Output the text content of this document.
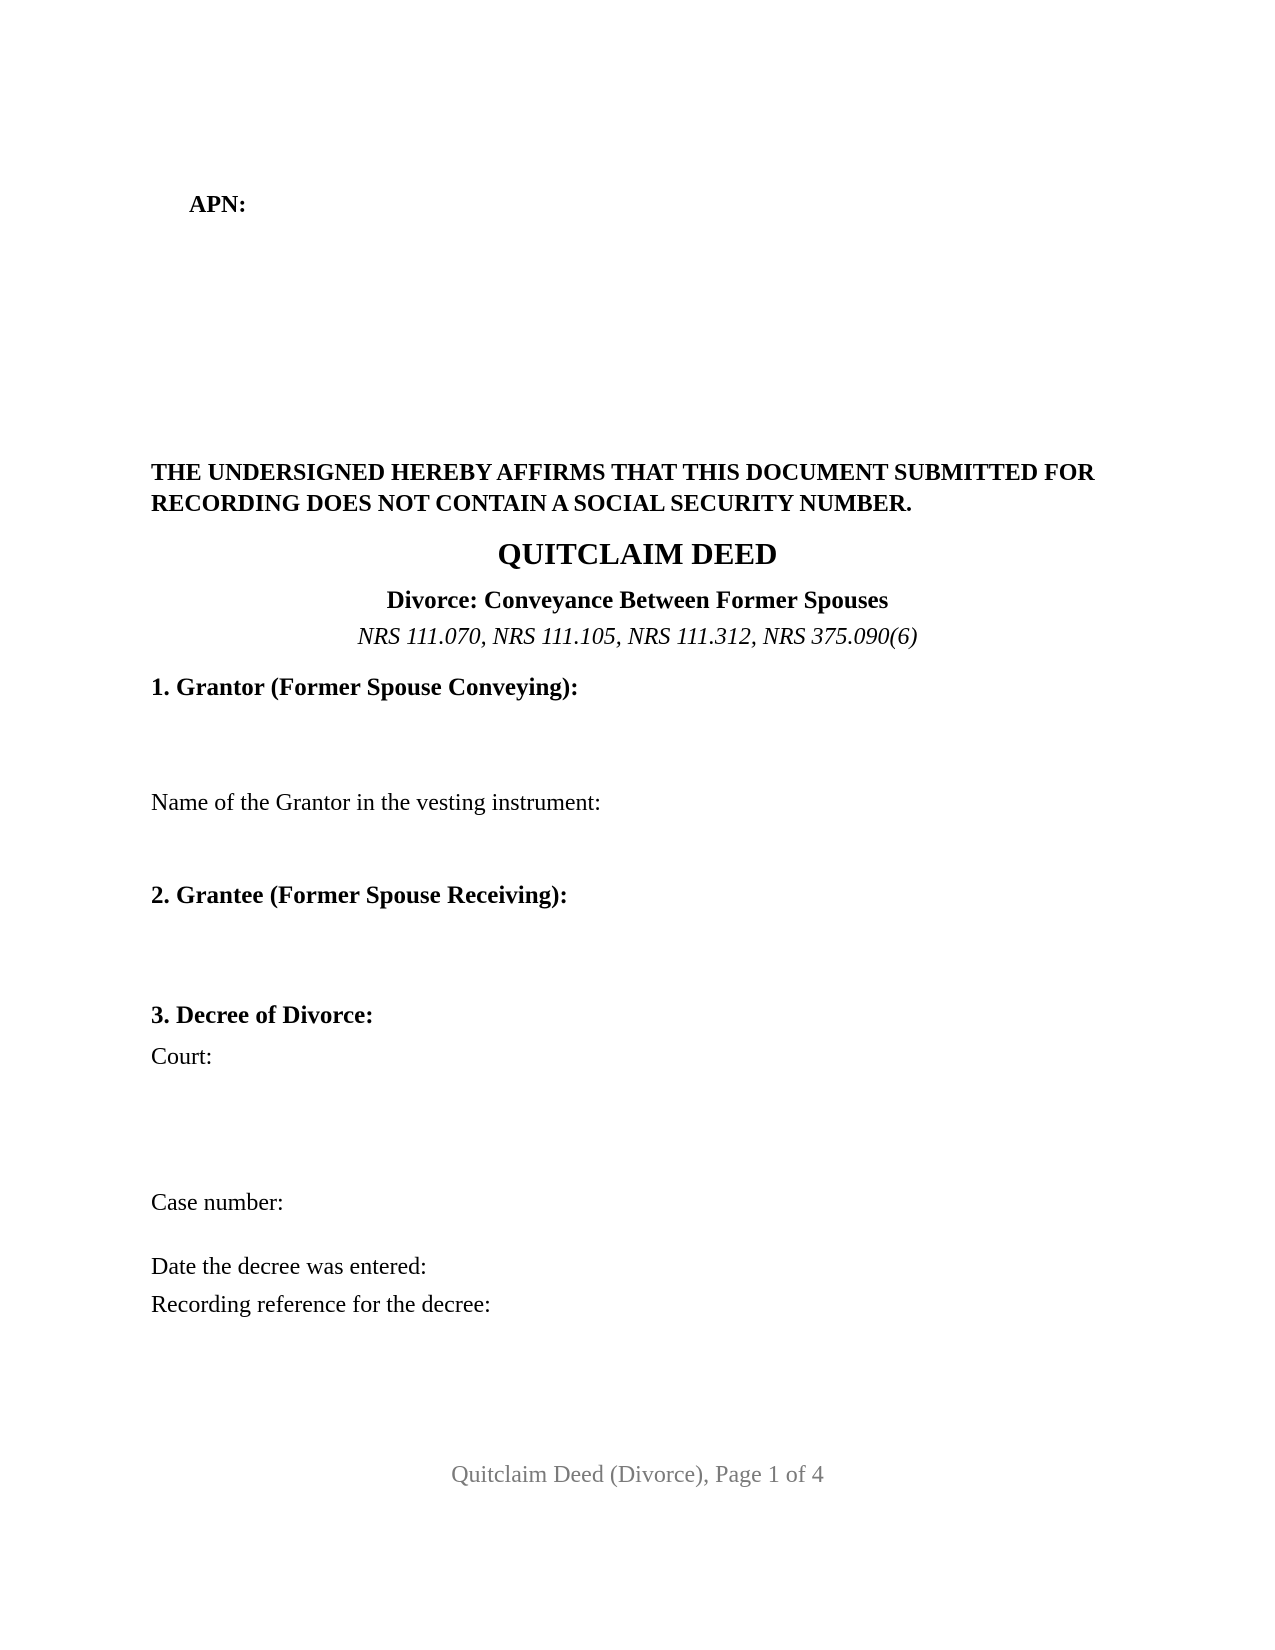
APN:

THE UNDERSIGNED HEREBY AFFIRMS THAT THIS DOCUMENT SUBMITTED FOR RECORDING DOES NOT CONTAIN A SOCIAL SECURITY NUMBER.

QUITCLAIM DEED
Divorce: Conveyance Between Former Spouses

NRS 111.070, NRS 111.105, NRS 111.312, NRS 375.090(6)

1. Grantor (Former Spouse Conveying):

Name of the Grantor in the vesting instrument:

2. Grantee (Former Spouse Receiving):
3. Decree of Divorce:

Court:

Case number:

Date the decree was entered:

Recording reference for the decree:

Quitclaim Deed (Divorce), Page 1 of 4
